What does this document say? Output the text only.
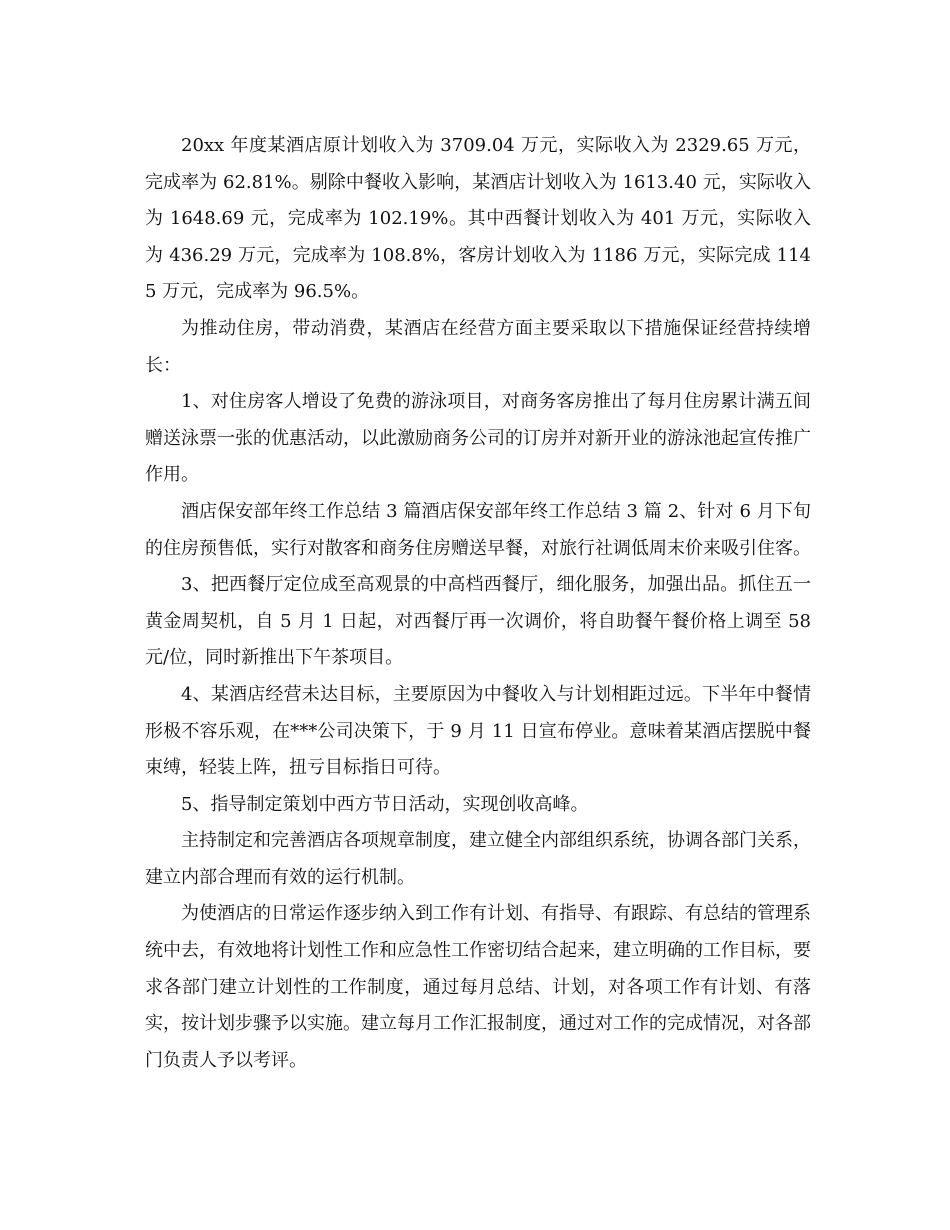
20xx 年度某酒店原计划收入为 3709.04 万元，实际收入为 2329.65 万元，完成率为 62.81%。剔除中餐收入影响，某酒店计划收入为 1613.40 元，实际收入为 1648.69 元，完成率为 102.19%。其中西餐计划收入为 401 万元，实际收入为 436.29 万元，完成率为 108.8%，客房计划收入为 1186 万元，实际完成 1145 万元，完成率为 96.5%。

为推动住房，带动消费，某酒店在经营方面主要采取以下措施保证经营持续增长：

1、对住房客人增设了免费的游泳项目，对商务客房推出了每月住房累计满五间赠送泳票一张的优惠活动，以此激励商务公司的订房并对新开业的游泳池起宣传推广作用。

酒店保安部年终工作总结 3 篇酒店保安部年终工作总结 3 篇 2、针对 6 月下旬的住房预售低，实行对散客和商务住房赠送早餐，对旅行社调低周末价来吸引住客。

3、把西餐厅定位成至高观景的中高档西餐厅，细化服务，加强出品。抓住五一黄金周契机，自 5 月 1 日起，对西餐厅再一次调价，将自助餐午餐价格上调至 58 元/位，同时新推出下午茶项目。

4、某酒店经营未达目标，主要原因为中餐收入与计划相距过远。下半年中餐情形极不容乐观，在***公司决策下，于 9 月 11 日宣布停业。意味着某酒店摆脱中餐束缚，轻装上阵，扭亏目标指日可待。

5、指导制定策划中西方节日活动，实现创收高峰。

主持制定和完善酒店各项规章制度，建立健全内部组织系统，协调各部门关系，建立内部合理而有效的运行机制。

为使酒店的日常运作逐步纳入到工作有计划、有指导、有跟踪、有总结的管理系统中去，有效地将计划性工作和应急性工作密切结合起来，建立明确的工作目标，要求各部门建立计划性的工作制度，通过每月总结、计划，对各项工作有计划、有落实，按计划步骤予以实施。建立每月工作汇报制度，通过对工作的完成情况，对各部门负责人予以考评。
